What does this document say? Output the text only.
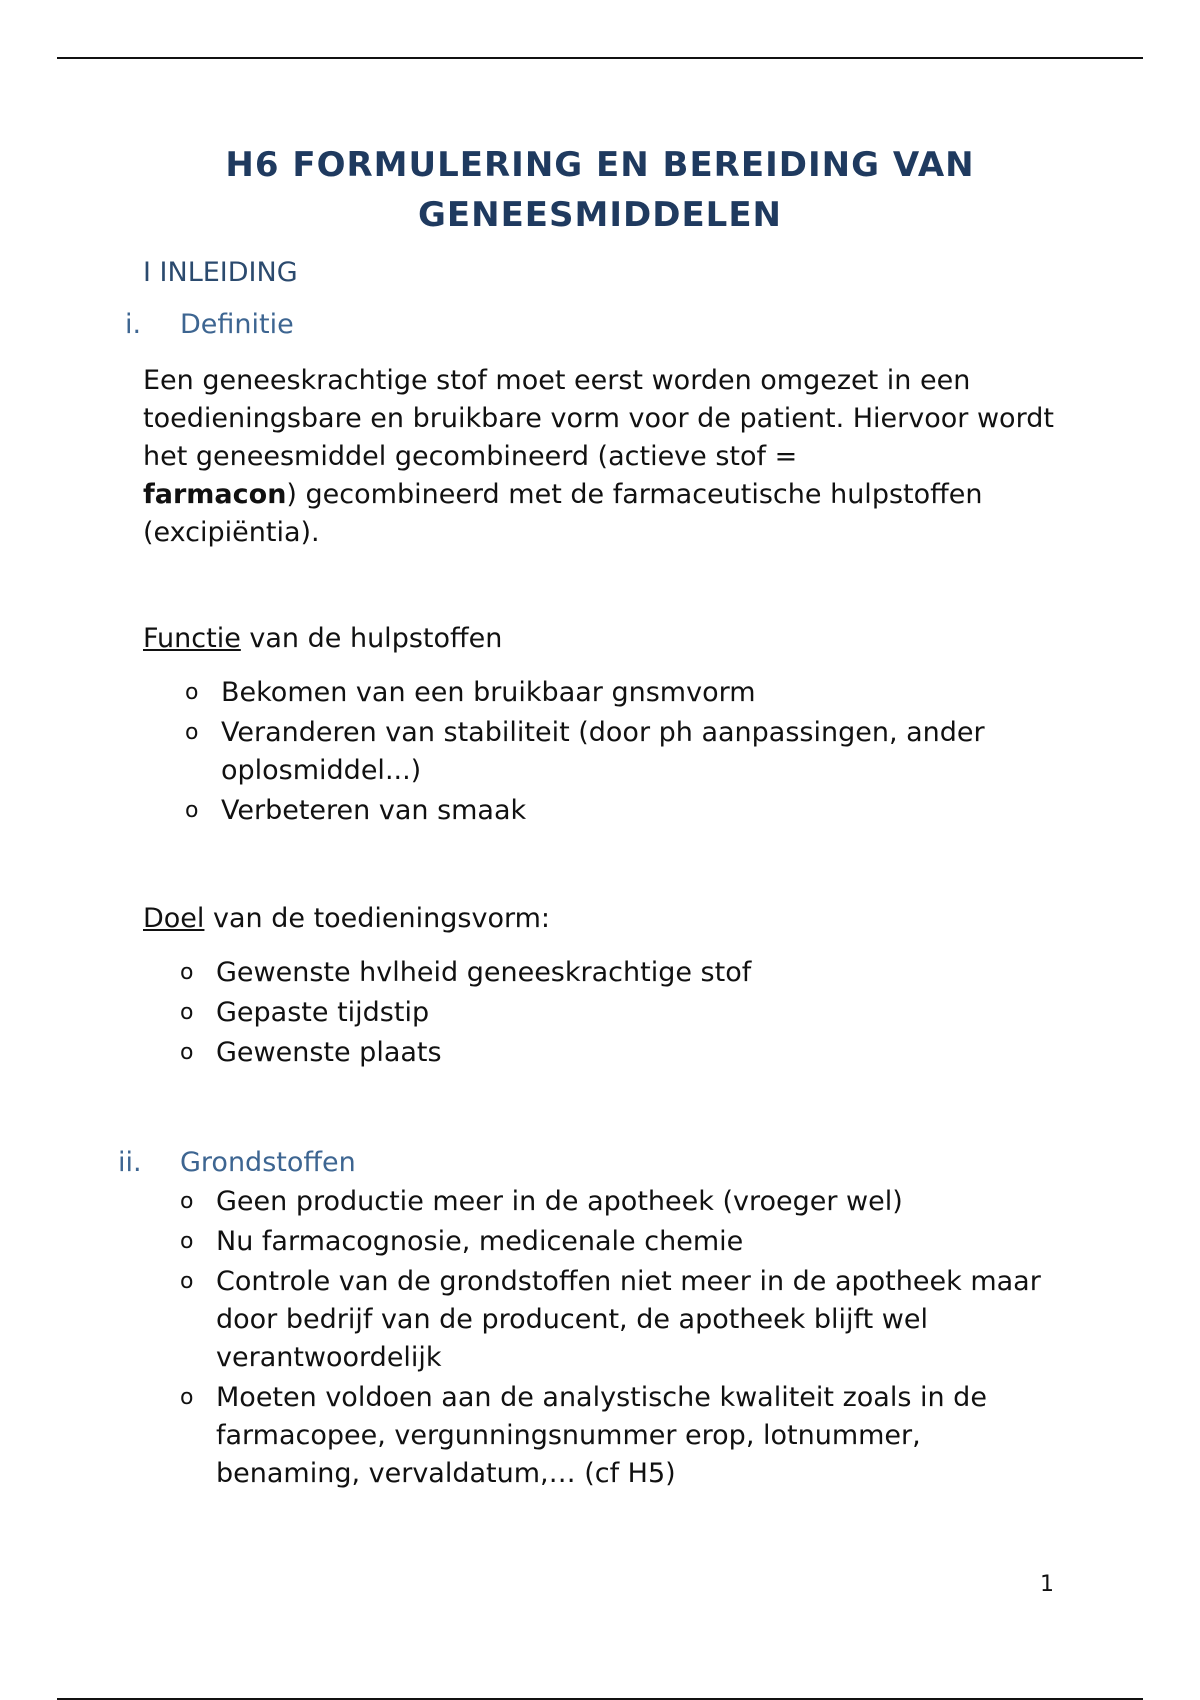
H6 FORMULERING EN BEREIDING VAN
GENEESMIDDELEN
I INLEIDING
i. Definitie
Een geneeskrachtige stof moet eerst worden omgezet in een toedieningsbare en bruikbare vorm voor de patient. Hiervoor wordt het geneesmiddel gecombineerd (actieve stof =
farmacon) gecombineerd met de farmaceutische hulpstoffen (excipiëntia).
Functie van de hulpstoffen
o Bekomen van een bruikbaar gnsmvorm
o Veranderen van stabiliteit (door ph aanpassingen, ander oplosmiddel...)
o Verbeteren van smaak
Doel van de toedieningsvorm:
o Gewenste hvlheid geneeskrachtige stof
o Gepaste tijdstip
o Gewenste plaats
ii. Grondstoffen
o Geen productie meer in de apotheek (vroeger wel)
o Nu farmacognosie, medicenale chemie
o Controle van de grondstoffen niet meer in de apotheek maar door bedrijf van de producent, de apotheek blijft wel verantwoordelijk
o Moeten voldoen aan de analystische kwaliteit zoals in de farmacopee, vergunningsnummer erop, lotnummer, benaming, vervaldatum,… (cf H5)
1
